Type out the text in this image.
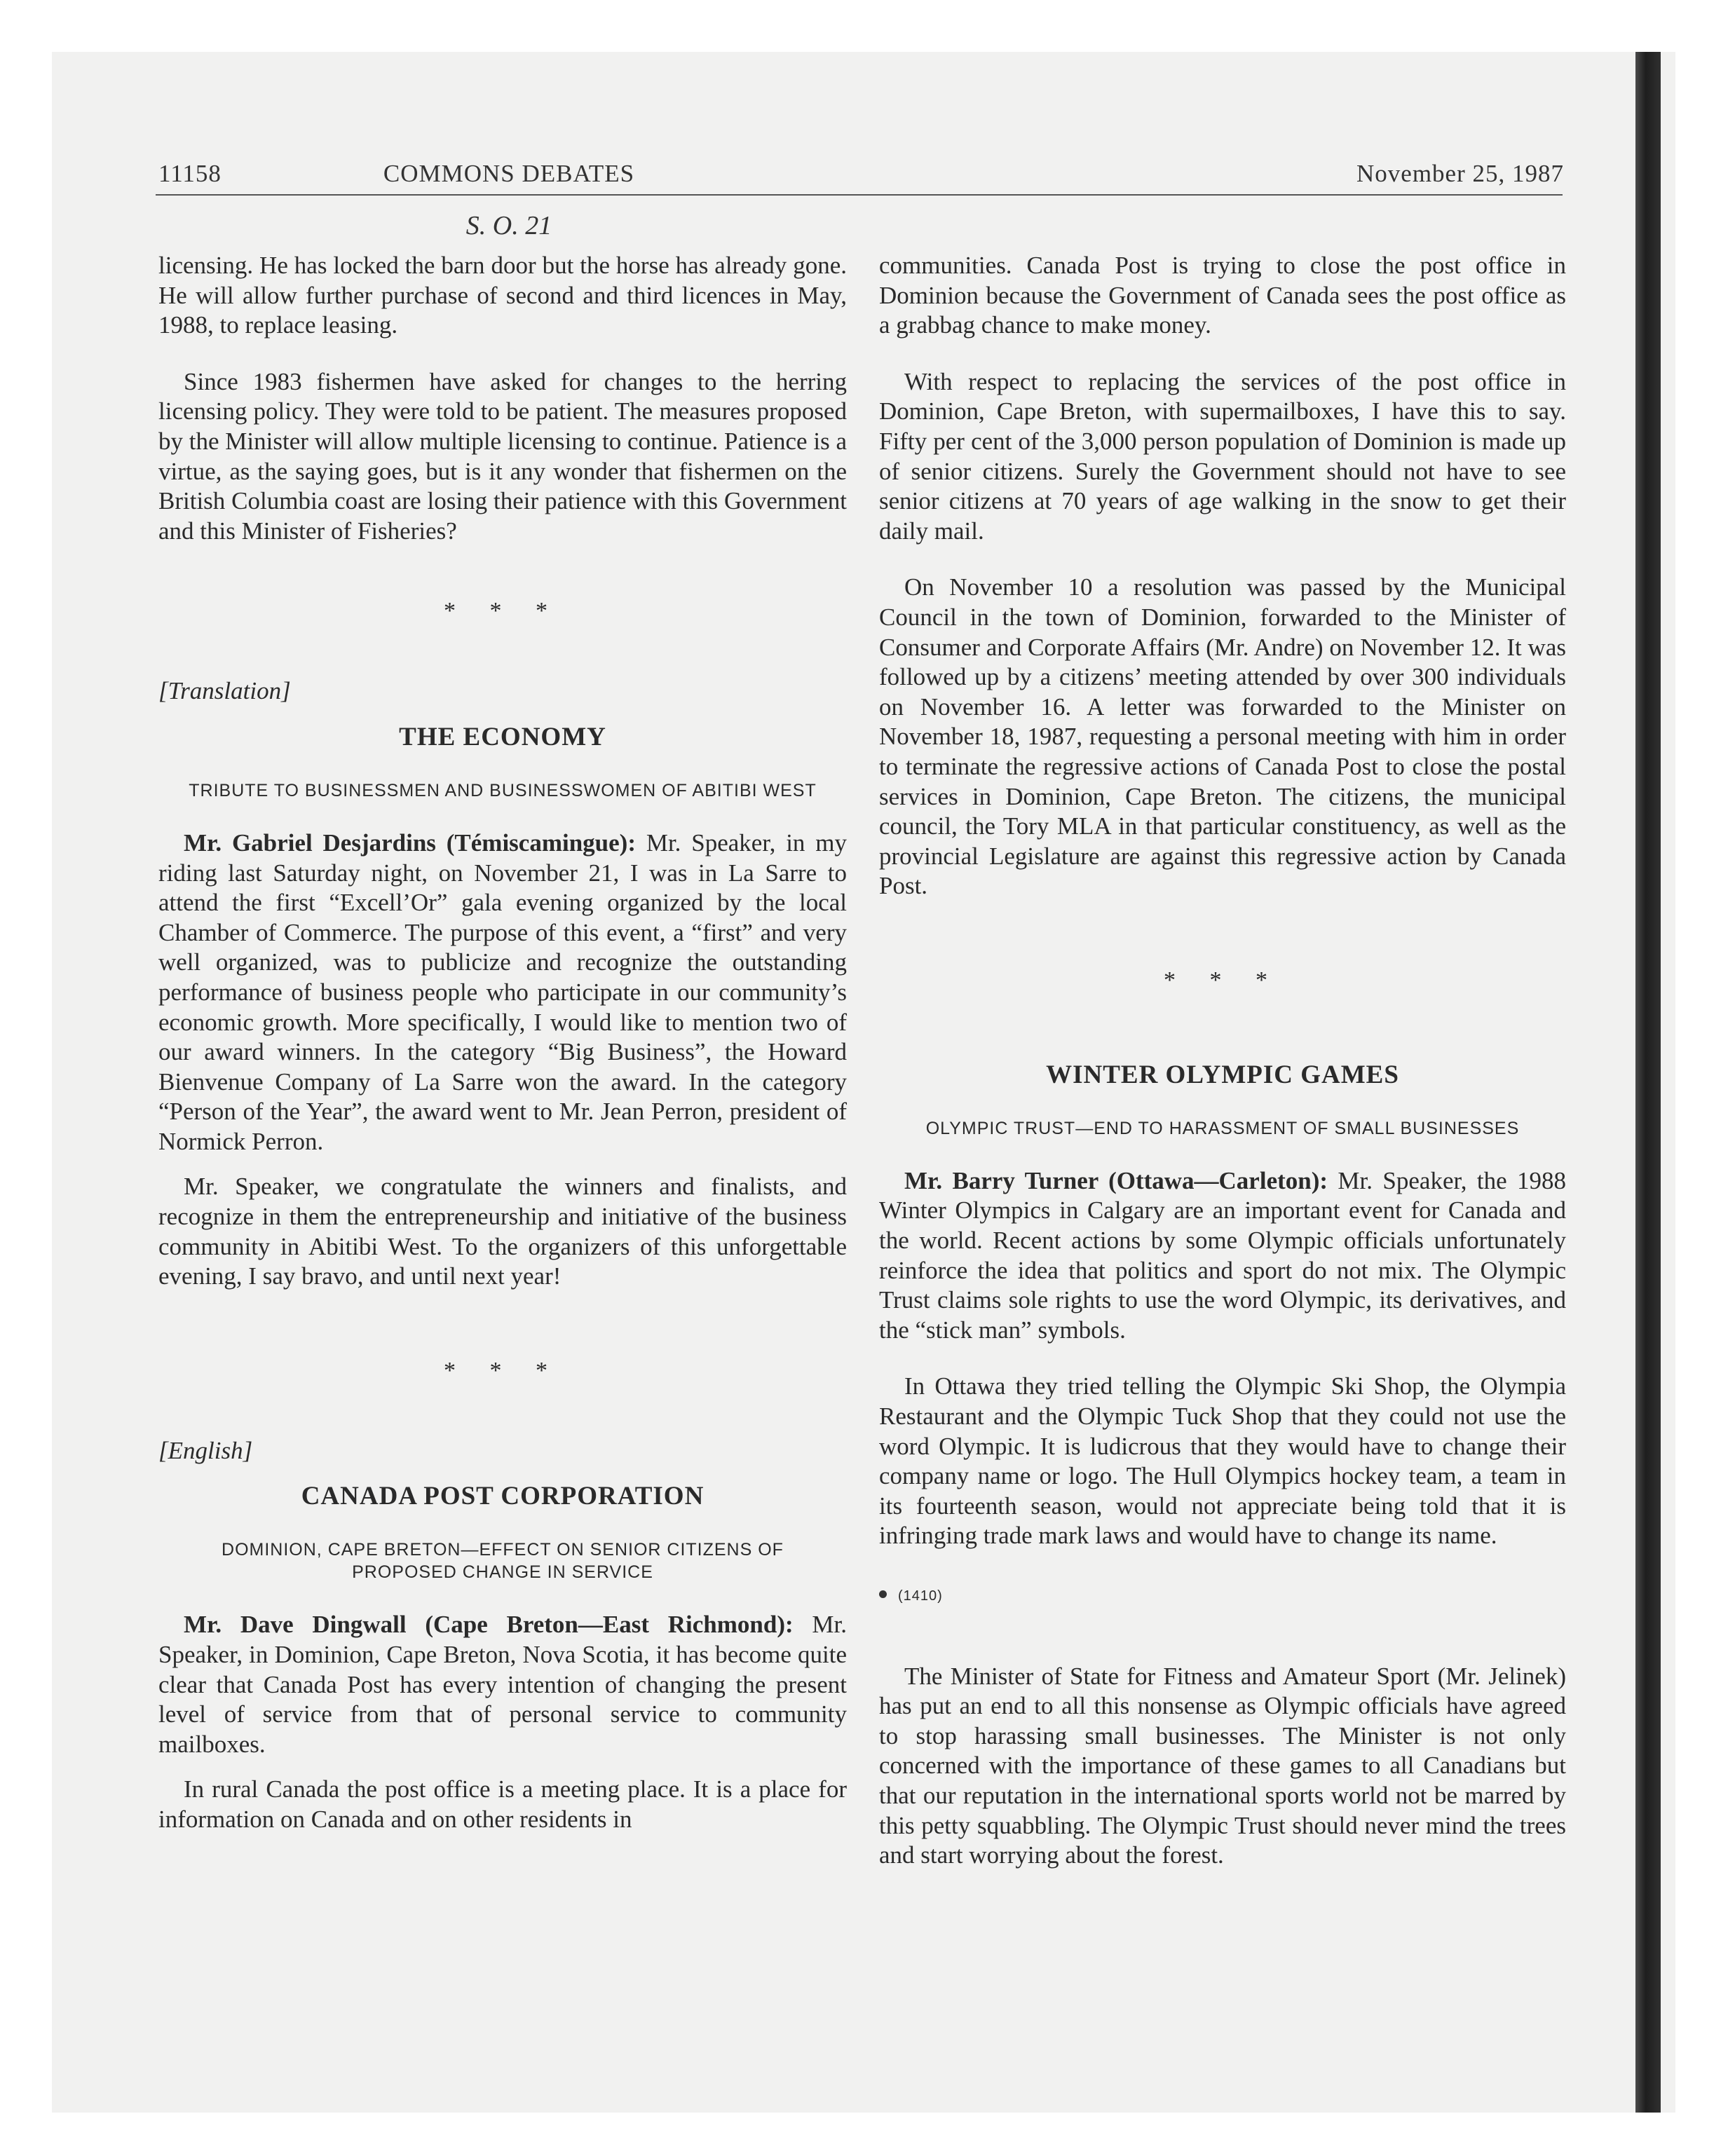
11158	COMMONS DEBATES	November 25, 1987
S. O. 21

licensing. He has locked the barn door but the horse has already gone. He will allow further purchase of second and third licences in May, 1988, to replace leasing.

Since 1983 fishermen have asked for changes to the herring licensing policy. They were told to be patient. The measures proposed by the Minister will allow multiple licensing to continue. Patience is a virtue, as the saying goes, but is it any wonder that fishermen on the British Columbia coast are losing their patience with this Government and this Minister of Fisheries?

* * *

[Translation]

THE ECONOMY
TRIBUTE TO BUSINESSMEN AND BUSINESSWOMEN OF ABITIBI WEST

Mr. Gabriel Desjardins (Témiscamingue): Mr. Speaker, in my riding last Saturday night, on November 21, I was in La Sarre to attend the first “Excell’Or” gala evening organized by the local Chamber of Commerce. The purpose of this event, a “first” and very well organized, was to publicize and recognize the outstanding performance of business people who participate in our community’s economic growth. More specifically, I would like to mention two of our award winners. In the category “Big Business”, the Howard Bienvenue Company of La Sarre won the award. In the category “Person of the Year”, the award went to Mr. Jean Perron, president of Normick Perron.

Mr. Speaker, we congratulate the winners and finalists, and recognize in them the entrepreneurship and initiative of the business community in Abitibi West. To the organizers of this unforgettable evening, I say bravo, and until next year!

* * *

[English]

CANADA POST CORPORATION
DOMINION, CAPE BRETON—EFFECT ON SENIOR CITIZENS OF PROPOSED CHANGE IN SERVICE

Mr. Dave Dingwall (Cape Breton—East Richmond): Mr. Speaker, in Dominion, Cape Breton, Nova Scotia, it has become quite clear that Canada Post has every intention of changing the present level of service from that of personal service to community mailboxes.

In rural Canada the post office is a meeting place. It is a place for information on Canada and on other residents in

communities. Canada Post is trying to close the post office in Dominion because the Government of Canada sees the post office as a grabbag chance to make money.

With respect to replacing the services of the post office in Dominion, Cape Breton, with supermailboxes, I have this to say. Fifty per cent of the 3,000 person population of Dominion is made up of senior citizens. Surely the Government should not have to see senior citizens at 70 years of age walking in the snow to get their daily mail.

On November 10 a resolution was passed by the Municipal Council in the town of Dominion, forwarded to the Minister of Consumer and Corporate Affairs (Mr. Andre) on November 12. It was followed up by a citizens’ meeting attended by over 300 individuals on November 16. A letter was forwarded to the Minister on November 18, 1987, requesting a personal meeting with him in order to terminate the regressive actions of Canada Post to close the postal services in Dominion, Cape Breton. The citizens, the municipal council, the Tory MLA in that particular constituency, as well as the provincial Legislature are against this regressive action by Canada Post.

* * *
WINTER OLYMPIC GAMES
OLYMPIC TRUST—END TO HARASSMENT OF SMALL BUSINESSES

Mr. Barry Turner (Ottawa—Carleton): Mr. Speaker, the 1988 Winter Olympics in Calgary are an important event for Canada and the world. Recent actions by some Olympic officials unfortunately reinforce the idea that politics and sport do not mix. The Olympic Trust claims sole rights to use the word Olympic, its derivatives, and the “stick man” symbols.

In Ottawa they tried telling the Olympic Ski Shop, the Olympia Restaurant and the Olympic Tuck Shop that they could not use the word Olympic. It is ludicrous that they would have to change their company name or logo. The Hull Olympics hockey team, a team in its fourteenth season, would not appreciate being told that it is infringing trade mark laws and would have to change its name.

(1410)

The Minister of State for Fitness and Amateur Sport (Mr. Jelinek) has put an end to all this nonsense as Olympic officials have agreed to stop harassing small businesses. The Minister is not only concerned with the importance of these games to all Canadians but that our reputation in the international sports world not be marred by this petty squabbling. The Olympic Trust should never mind the trees and start worrying about the forest.
